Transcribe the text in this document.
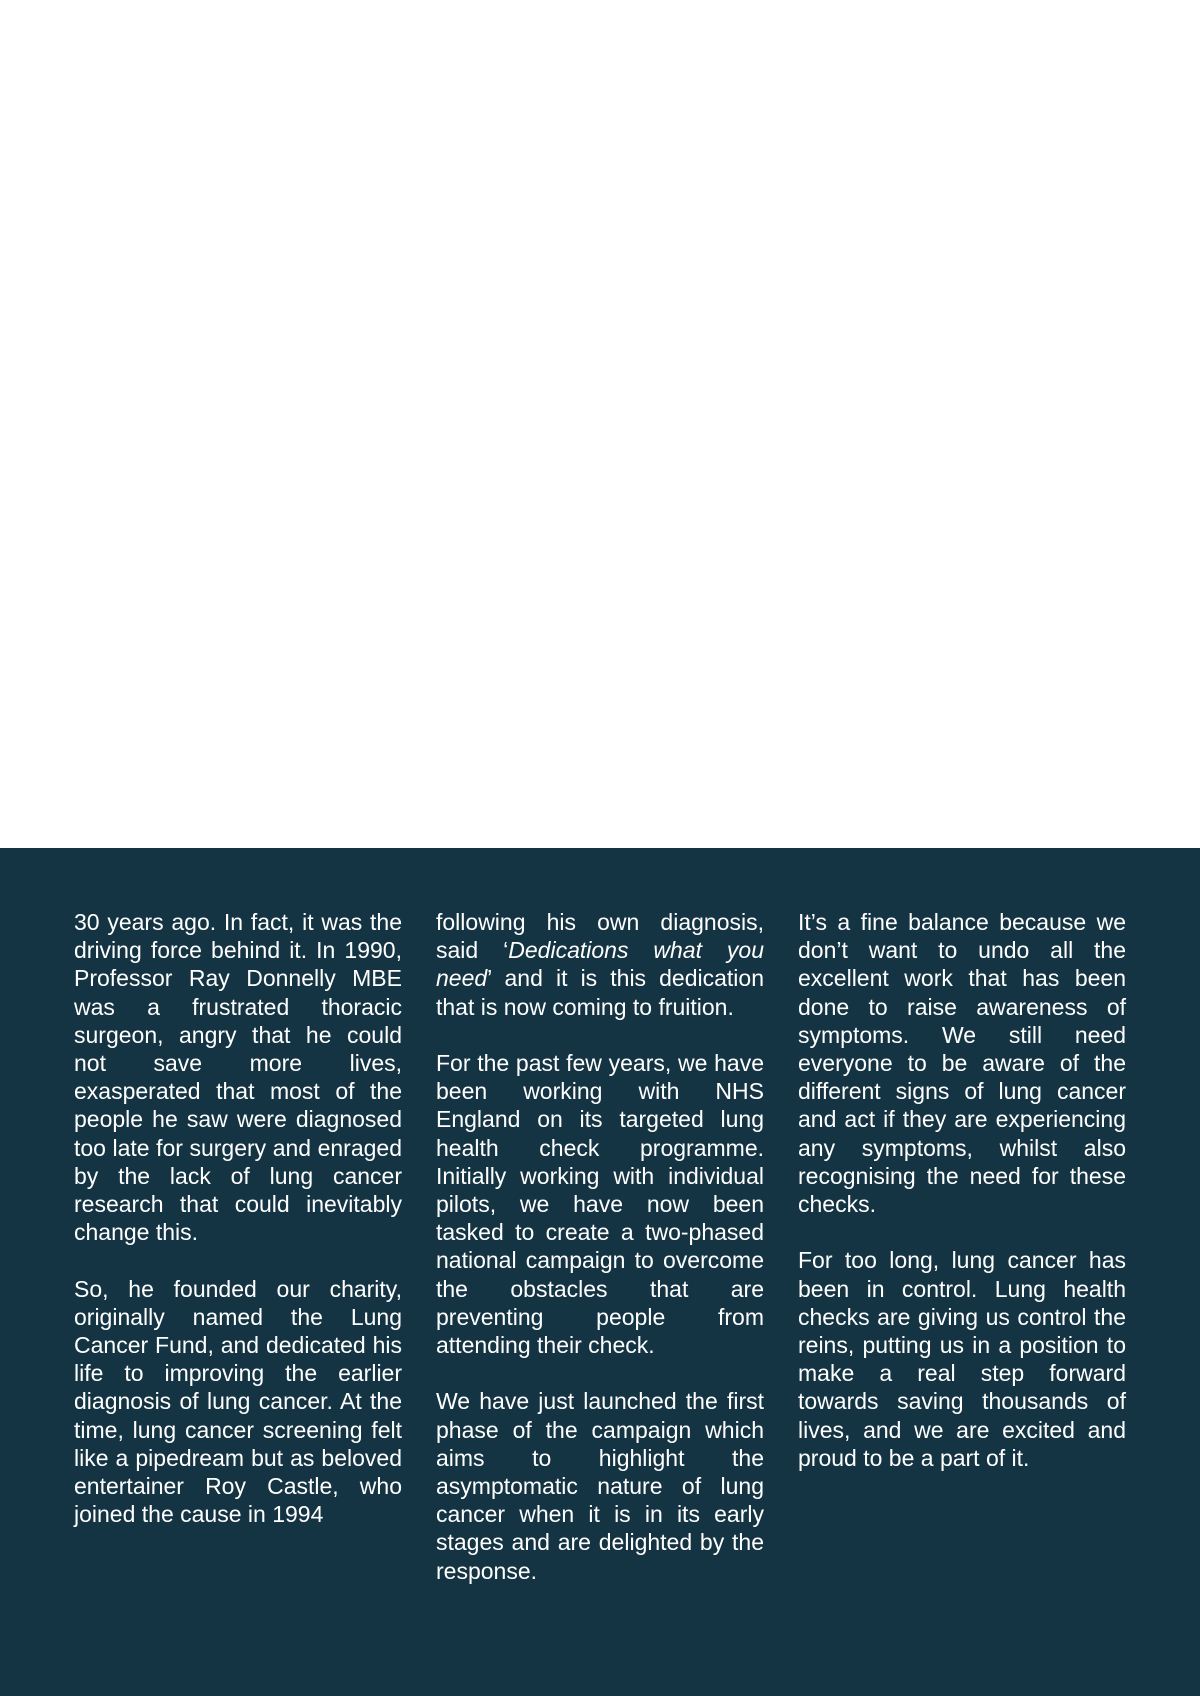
30 years ago. In fact, it was the driving force behind it. In 1990, Professor Ray Donnelly MBE was a frustrated thoracic surgeon, angry that he could not save more lives, exasperated that most of the people he saw were diagnosed too late for surgery and enraged by the lack of lung cancer research that could inevitably change this.

So, he founded our charity, originally named the Lung Cancer Fund, and dedicated his life to improving the earlier diagnosis of lung cancer. At the time, lung cancer screening felt like a pipedream but as beloved entertainer Roy Castle, who joined the cause in 1994

following his own diagnosis, said ‘Dedications what you need’ and it is this dedication that is now coming to fruition.

For the past few years, we have been working with NHS England on its targeted lung health check programme. Initially working with individual pilots, we have now been tasked to create a two-phased national campaign to overcome the obstacles that are preventing people from attending their check.

We have just launched the first phase of the campaign which aims to highlight the asymptomatic nature of lung cancer when it is in its early stages and are delighted by the response.

It’s a fine balance because we don’t want to undo all the excellent work that has been done to raise awareness of symptoms. We still need everyone to be aware of the different signs of lung cancer and act if they are experiencing any symptoms, whilst also recognising the need for these checks.

For too long, lung cancer has been in control. Lung health checks are giving us control the reins, putting us in a position to make a real step forward towards saving thousands of lives, and we are excited and proud to be a part of it.
